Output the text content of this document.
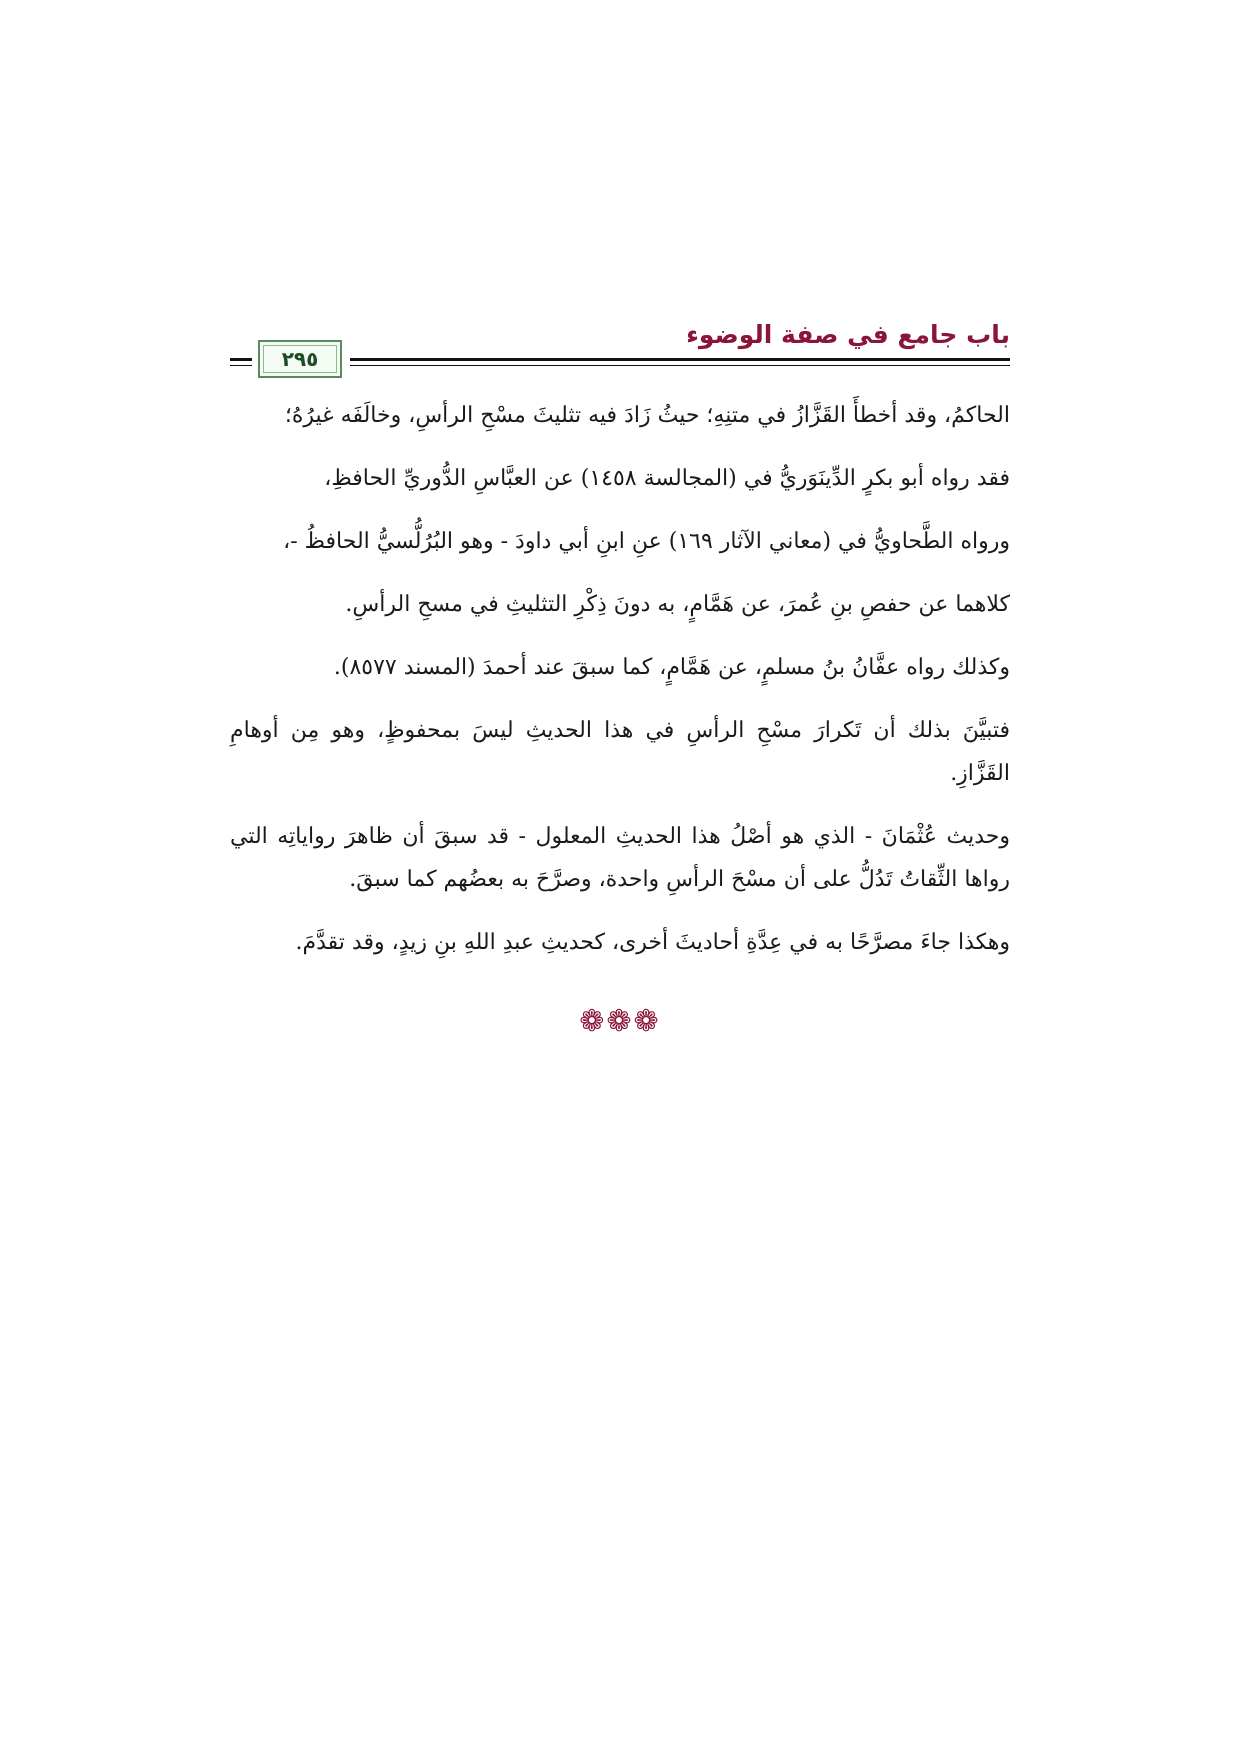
باب جامع في صفة الوضوء
٢٩٥

الحاكمُ، وقد أخطأَ القَزَّازُ في متنِهِ؛ حيثُ زَادَ فيه تثليثَ مسْحِ الرأسِ، وخالَفَه غيرُهُ؛

فقد رواه أبو بكرٍ الدِّينَوَريُّ في (المجالسة ١٤٥٨) عن العبَّاسِ الدُّوريِّ الحافظِ،

ورواه الطَّحاويُّ في (معاني الآثار ١٦٩) عنِ ابنِ أبي داودَ - وهو البُرُلُّسيُّ الحافظُ -،

كلاهما عن حفصِ بنِ عُمرَ، عن هَمَّامٍ، به دونَ ذِكْرِ التثليثِ في مسحِ الرأسِ.

وكذلك رواه عفَّانُ بنُ مسلمٍ، عن هَمَّامٍ، كما سبقَ عند أحمدَ (المسند ٨٥٧٧).

فتبيَّنَ بذلك أن تَكرارَ مسْحِ الرأسِ في هذا الحديثِ ليسَ بمحفوظٍ، وهو مِن أوهامِ القَزَّازِ.

وحديث عُثْمَانَ - الذي هو أصْلُ هذا الحديثِ المعلول - قد سبقَ أن ظاهرَ رواياتِه التي رواها الثِّقاتُ تَدُلُّ على أن مسْحَ الرأسِ واحدة، وصرَّحَ به بعضُهم كما سبقَ.

وهكذا جاءَ مصرَّحًا به في عِدَّةِ أحاديثَ أخرى، كحديثِ عبدِ اللهِ بنِ زيدٍ، وقد تقدَّمَ.

❁❁❁
